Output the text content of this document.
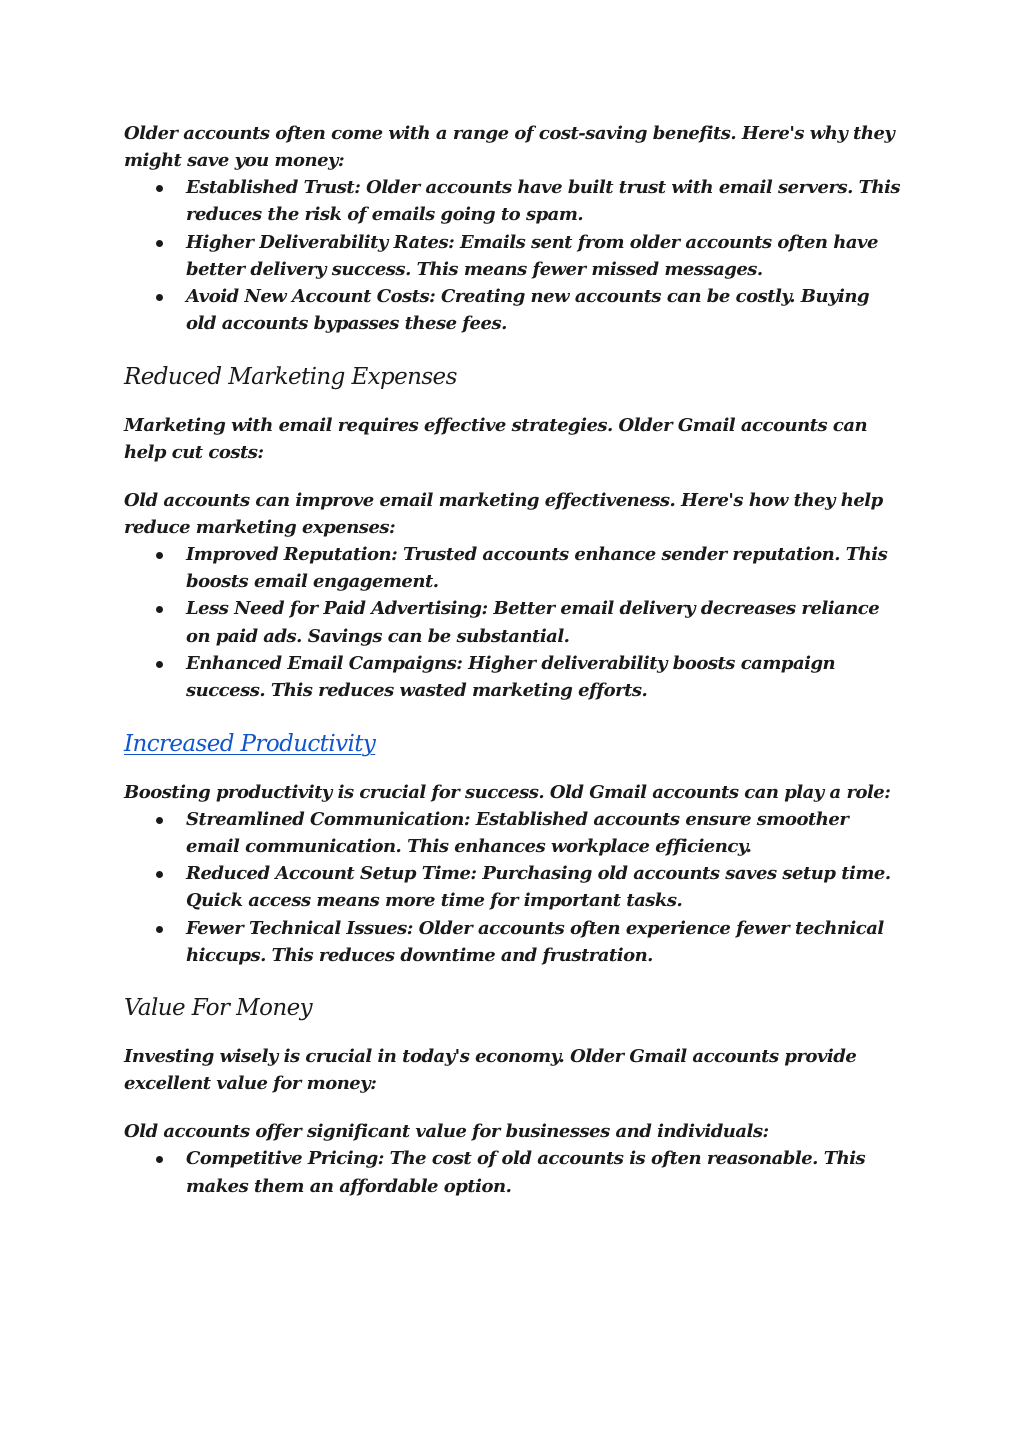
Older accounts often come with a range of cost-saving benefits. Here's why they might save you money:

Established Trust: Older accounts have built trust with email servers. This reduces the risk of emails going to spam.
Higher Deliverability Rates: Emails sent from older accounts often have better delivery success. This means fewer missed messages.
Avoid New Account Costs: Creating new accounts can be costly. Buying old accounts bypasses these fees.
Reduced Marketing Expenses

Marketing with email requires effective strategies. Older Gmail accounts can help cut costs:

Old accounts can improve email marketing effectiveness. Here's how they help reduce marketing expenses:

Improved Reputation: Trusted accounts enhance sender reputation. This boosts email engagement.
Less Need for Paid Advertising: Better email delivery decreases reliance on paid ads. Savings can be substantial.
Enhanced Email Campaigns: Higher deliverability boosts campaign success. This reduces wasted marketing efforts.
Increased Productivity

Boosting productivity is crucial for success. Old Gmail accounts can play a role:

Streamlined Communication: Established accounts ensure smoother email communication. This enhances workplace efficiency.
Reduced Account Setup Time: Purchasing old accounts saves setup time. Quick access means more time for important tasks.
Fewer Technical Issues: Older accounts often experience fewer technical hiccups. This reduces downtime and frustration.
Value For Money

Investing wisely is crucial in today's economy. Older Gmail accounts provide excellent value for money:

Old accounts offer significant value for businesses and individuals:

Competitive Pricing: The cost of old accounts is often reasonable. This makes them an affordable option.
